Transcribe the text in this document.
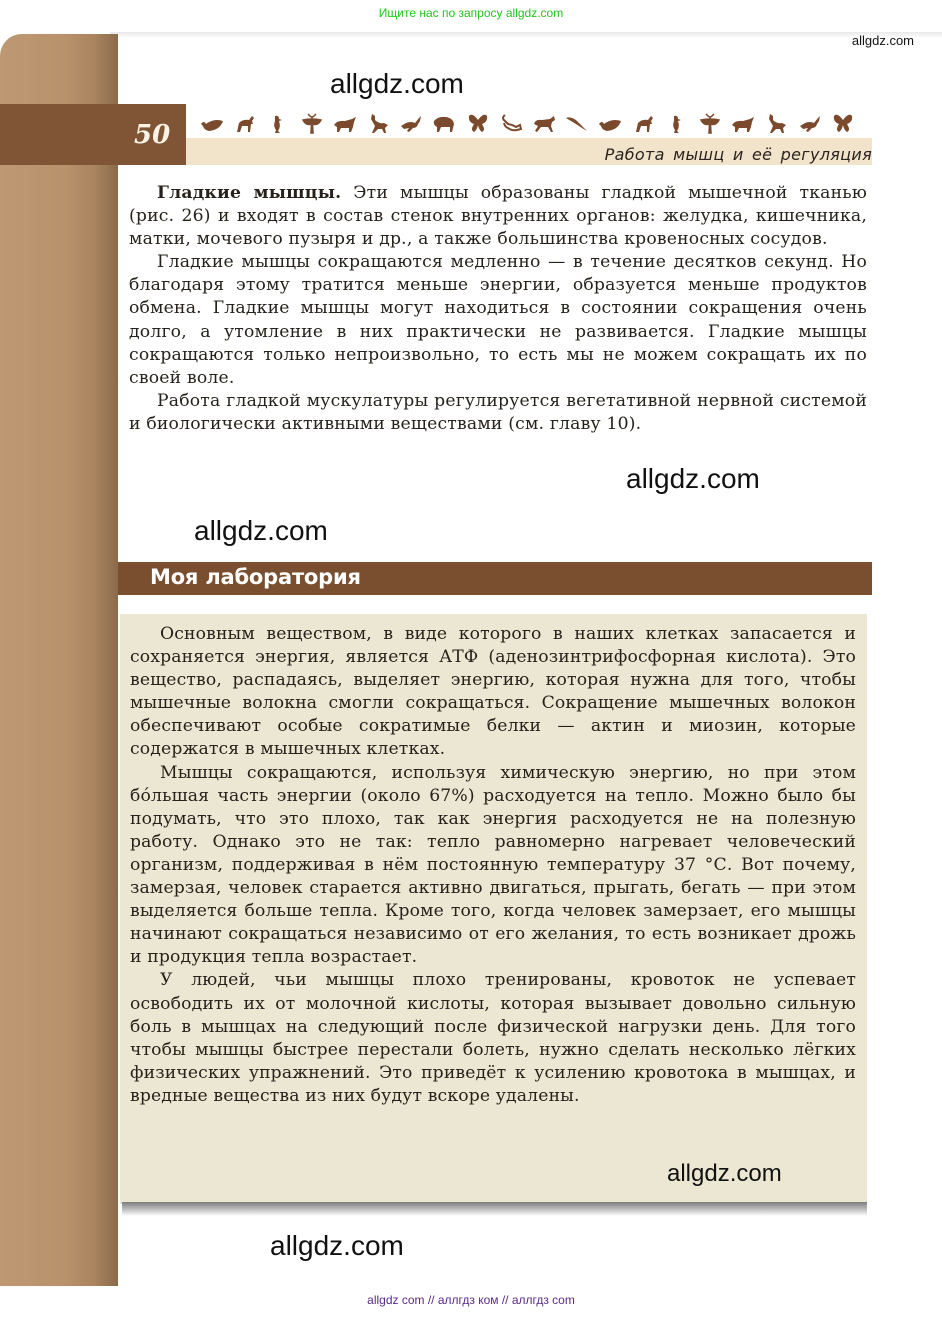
Ищите нас по запросу allgdz.com
50
allgdz.com
Работа мышц и её регуляция
allgdz.com

Гладкие мышцы. Эти мышцы образованы гладкой мышечной тканью (рис. 26) и входят в состав стенок внутренних органов: желудка, кишечника, матки, мочевого пузыря и др., а также большинства кровеносных сосудов.

Гладкие мышцы сокращаются медленно — в течение десятков секунд. Но благодаря этому тратится меньше энергии, образуется меньше продуктов обмена. Гладкие мышцы могут находиться в состоянии сокращения очень долго, а утомление в них практически не развивается. Гладкие мышцы сокращаются только непроизвольно, то есть мы не можем сокращать их по своей воле.

Работа гладкой мускулатуры регулируется вегетативной нервной системой и биологически активными веществами (см. главу 10).

allgdz.com
allgdz.com
Моя лаборатория

Основным веществом, в виде которого в наших клетках запасается и сохраняется энергия, является АТФ (аденозинтрифосфорная кислота). Это вещество, распадаясь, выделяет энергию, которая нужна для того, чтобы мышечные волокна смогли сокращаться. Сокращение мышечных волокон обеспечивают особые сократимые белки — актин и миозин, которые содержатся в мышечных клетках.

Мышцы сокращаются, используя химическую энергию, но при этом бóльшая часть энергии (около 67%) расходуется на тепло. Можно было бы подумать, что это плохо, так как энергия расходуется не на полезную работу. Однако это не так: тепло равномерно нагревает человеческий организм, поддерживая в нём постоянную температуру 37 °С. Вот почему, замерзая, человек старается активно двигаться, прыгать, бегать — при этом выделяется больше тепла. Кроме того, когда человек замерзает, его мышцы начинают сокращаться независимо от его желания, то есть возникает дрожь и продукция тепла возрастает.

У людей, чьи мышцы плохо тренированы, кровоток не успевает освободить их от молочной кислоты, которая вызывает довольно сильную боль в мышцах на следующий после физической нагрузки день. Для того чтобы мышцы быстрее перестали болеть, нужно сделать несколько лёгких физических упражнений. Это приведёт к усилению кровотока в мышцах, и вредные вещества из них будут вскоре удалены.

allgdz.com
allgdz.com
allgdz com // аллгдз ком // аллгдз com
